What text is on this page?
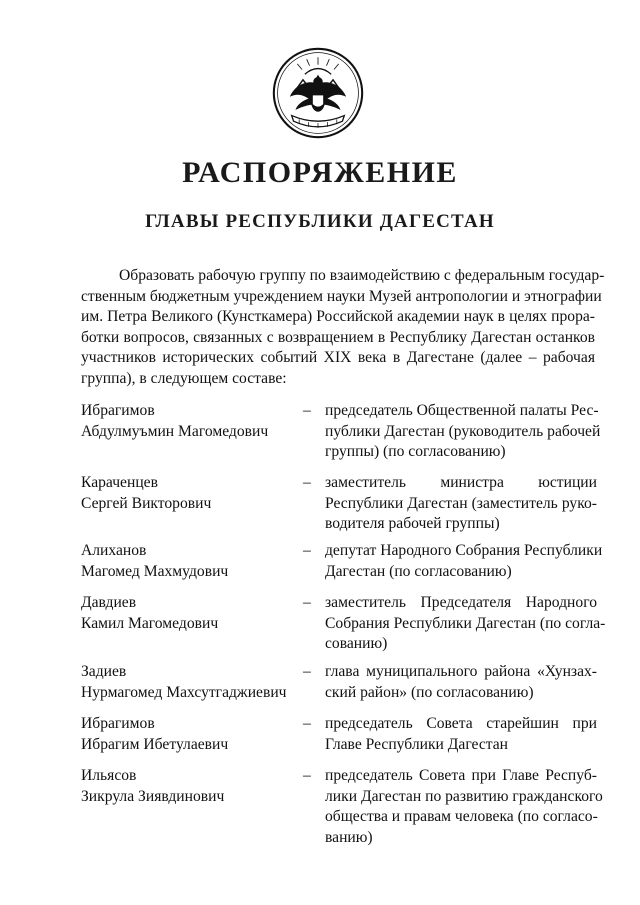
РАСПОРЯЖЕНИЕ
ГЛАВЫ РЕСПУБЛИКИ ДАГЕСТАН
Образовать рабочую группу по взаимодействию с федеральным государ-
ственным бюджетным учреждением науки Музей антропологии и этнографии
им. Петра Великого (Кунсткамера) Российской академии наук в целях прора-
ботки вопросов, связанных с возвращением в Республику Дагестан останков
участников исторических событий XIX века в Дагестане (далее – рабочая
группа), в следующем составе:
Ибрагимов
Абдулмуъмин Магомедович
– председатель Общественной палаты Рес-
публики Дагестан (руководитель рабочей
группы) (по согласованию)
Караченцев
Сергей Викторович
– заместитель министра юстиции
Республики Дагестан (заместитель руко-
водителя рабочей группы)
Алиханов
Магомед Махмудович
– депутат Народного Собрания Республики
Дагестан (по согласованию)
Давдиев
Камил Магомедович
– заместитель Председателя Народного
Собрания Республики Дагестан (по согла-
сованию)
Задиев
Нурмагомед Махсутгаджиевич
– глава муниципального района «Хунзах-
ский район» (по согласованию)
Ибрагимов
Ибрагим Ибетулаевич
– председатель Совета старейшин при
Главе Республики Дагестан
Ильясов
Зикрула Зиявдинович
– председатель Совета при Главе Респуб-
лики Дагестан по развитию гражданского
общества и правам человека (по согласо-
ванию)
